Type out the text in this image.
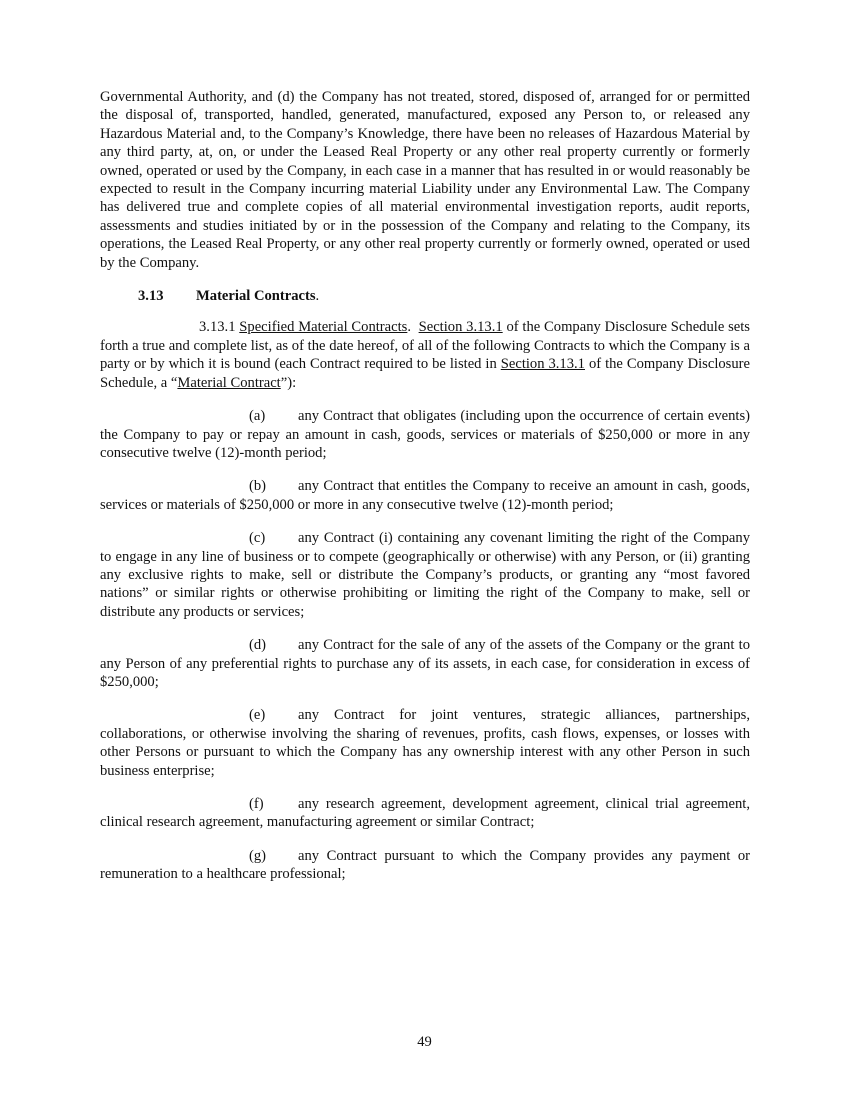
Governmental Authority, and (d) the Company has not treated, stored, disposed of, arranged for or permitted the disposal of, transported, handled, generated, manufactured, exposed any Person to, or released any Hazardous Material and, to the Company’s Knowledge, there have been no releases of Hazardous Material by any third party, at, on, or under the Leased Real Property or any other real property currently or formerly owned, operated or used by the Company, in each case in a manner that has resulted in or would reasonably be expected to result in the Company incurring material Liability under any Environmental Law. The Company has delivered true and complete copies of all material environmental investigation reports, audit reports, assessments and studies initiated by or in the possession of the Company and relating to the Company, its operations, the Leased Real Property, or any other real property currently or formerly owned, operated or used by the Company.

3.13 Material Contracts.

3.13.1 Specified Material Contracts. Section 3.13.1 of the Company Disclosure Schedule sets forth a true and complete list, as of the date hereof, of all of the following Contracts to which the Company is a party or by which it is bound (each Contract required to be listed in Section 3.13.1 of the Company Disclosure Schedule, a “Material Contract”):

(a) any Contract that obligates (including upon the occurrence of certain events) the Company to pay or repay an amount in cash, goods, services or materials of $250,000 or more in any consecutive twelve (12)-month period;

(b) any Contract that entitles the Company to receive an amount in cash, goods, services or materials of $250,000 or more in any consecutive twelve (12)-month period;

(c) any Contract (i) containing any covenant limiting the right of the Company to engage in any line of business or to compete (geographically or otherwise) with any Person, or (ii) granting any exclusive rights to make, sell or distribute the Company’s products, or granting any “most favored nations” or similar rights or otherwise prohibiting or limiting the right of the Company to make, sell or distribute any products or services;

(d) any Contract for the sale of any of the assets of the Company or the grant to any Person of any preferential rights to purchase any of its assets, in each case, for consideration in excess of $250,000;

(e) any Contract for joint ventures, strategic alliances, partnerships, collaborations, or otherwise involving the sharing of revenues, profits, cash flows, expenses, or losses with other Persons or pursuant to which the Company has any ownership interest with any other Person in such business enterprise;

(f) any research agreement, development agreement, clinical trial agreement, clinical research agreement, manufacturing agreement or similar Contract;

(g) any Contract pursuant to which the Company provides any payment or remuneration to a healthcare professional;

49
